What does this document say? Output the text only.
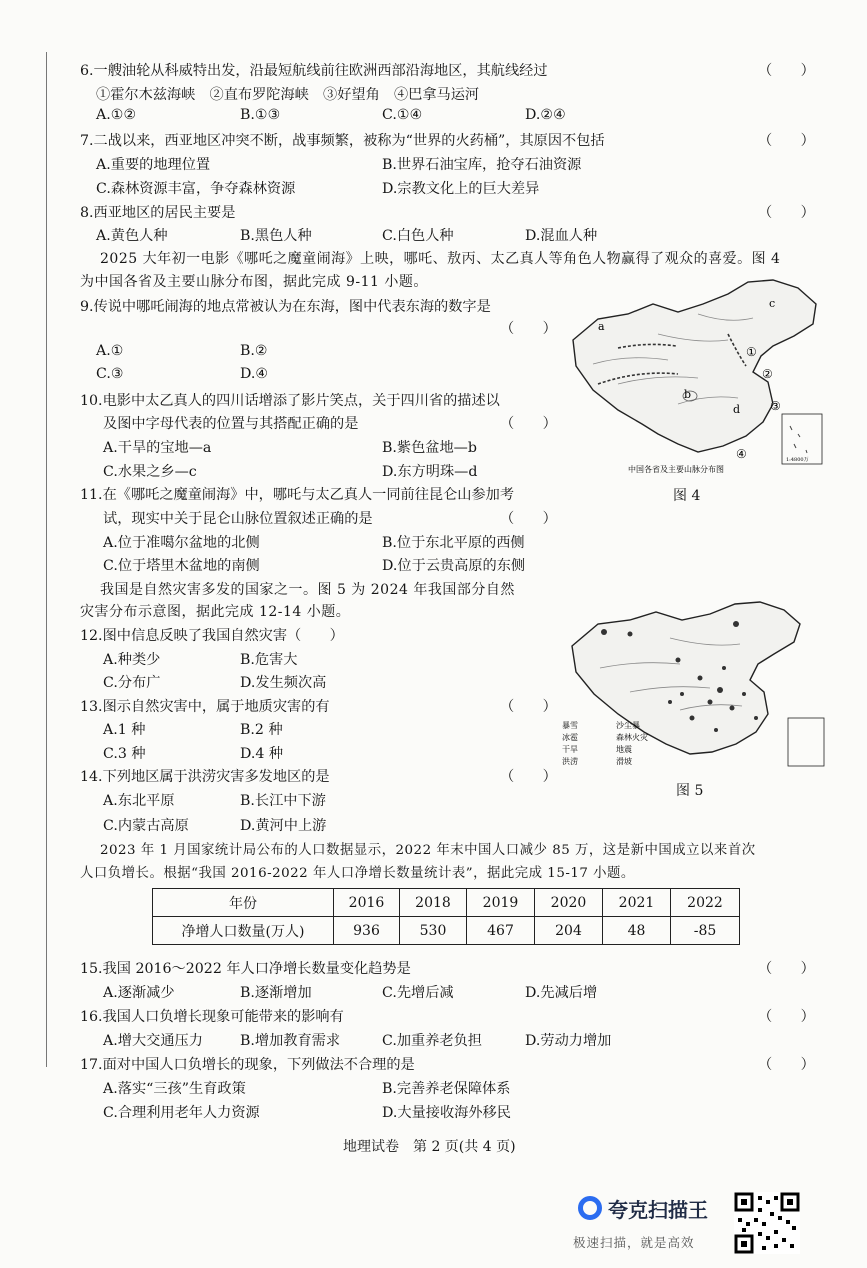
6.一艘油轮从科威特出发，沿最短航线前往欧洲西部沿海地区，其航线经过	（　　）
①霍尔木兹海峡　②直布罗陀海峡　③好望角　④巴拿马运河
A.①②	B.①③	C.①④	D.②④
7.二战以来，西亚地区冲突不断，战事频繁，被称为“世界的火药桶”，其原因不包括	（　　）
A.重要的地理位置	B.世界石油宝库，抢夺石油资源
C.森林资源丰富，争夺森林资源	D.宗教文化上的巨大差异
8.西亚地区的居民主要是	（　　）
A.黄色人种	B.黑色人种	C.白色人种	D.混血人种
2025 大年初一电影《哪吒之魔童闹海》上映，哪吒、敖丙、太乙真人等角色人物赢得了观众的喜爱。图 4
为中国各省及主要山脉分布图，据此完成 9-11 小题。
9.传说中哪吒闹海的地点常被认为在东海，图中代表东海的数字是
（　　）
A.①	B.②
C.③	D.④
10.电影中太乙真人的四川话增添了影片笑点，关于四川省的描述以
及图中字母代表的位置与其搭配正确的是	（　　）
A.干旱的宝地—a	B.紫色盆地—b
C.水果之乡—c	D.东方明珠—d
11.在《哪吒之魔童闹海》中，哪吒与太乙真人一同前往昆仑山参加考
试，现实中关于昆仑山脉位置叙述正确的是	（　　）
A.位于准噶尔盆地的北侧	B.位于东北平原的西侧
C.位于塔里木盆地的南侧	D.位于云贵高原的东侧
我国是自然灾害多发的国家之一。图 5 为 2024 年我国部分自然
灾害分布示意图，据此完成 12-14 小题。
12.图中信息反映了我国自然灾害（　　）
A.种类少	B.危害大
C.分布广	D.发生频次高
13.图示自然灾害中，属于地质灾害的有	（　　）
A.1 种	B.2 种
C.3 种	D.4 种
14.下列地区属于洪涝灾害多发地区的是	（　　）
A.东北平原	B.长江中下游
C.内蒙古高原	D.黄河中上游
2023 年 1 月国家统计局公布的人口数据显示，2022 年末中国人口减少 85 万，这是新中国成立以来首次
人口负增长。根据“我国 2016-2022 年人口净增长数量统计表”，据此完成 15-17 小题。
年份	2016	2018	2019	2020	2021	2022
净增人口数量(万人)	936	530	467	204	48	-85
15.我国 2016～2022 年人口净增长数量变化趋势是	（　　）
A.逐渐减少	B.逐渐增加	C.先增后减	D.先减后增
16.我国人口负增长现象可能带来的影响有	（　　）
A.增大交通压力	B.增加教育需求	C.加重养老负担	D.劳动力增加
17.面对中国人口负增长的现象，下列做法不合理的是	（　　）
A.落实“三孩”生育政策	B.完善养老保障体系
C.合理利用老年人力资源	D.大量接收海外移民
地理试卷　第 2 页(共 4 页)
a
b
c
d
①
②
③
④	1:4800万
中国各省及主要山脉分布图
图 4
暴雪	沙尘暴
冰雹	森林火灾
干旱	地震
洪涝	滑坡
图 5
夸克扫描王
极速扫描，就是高效
